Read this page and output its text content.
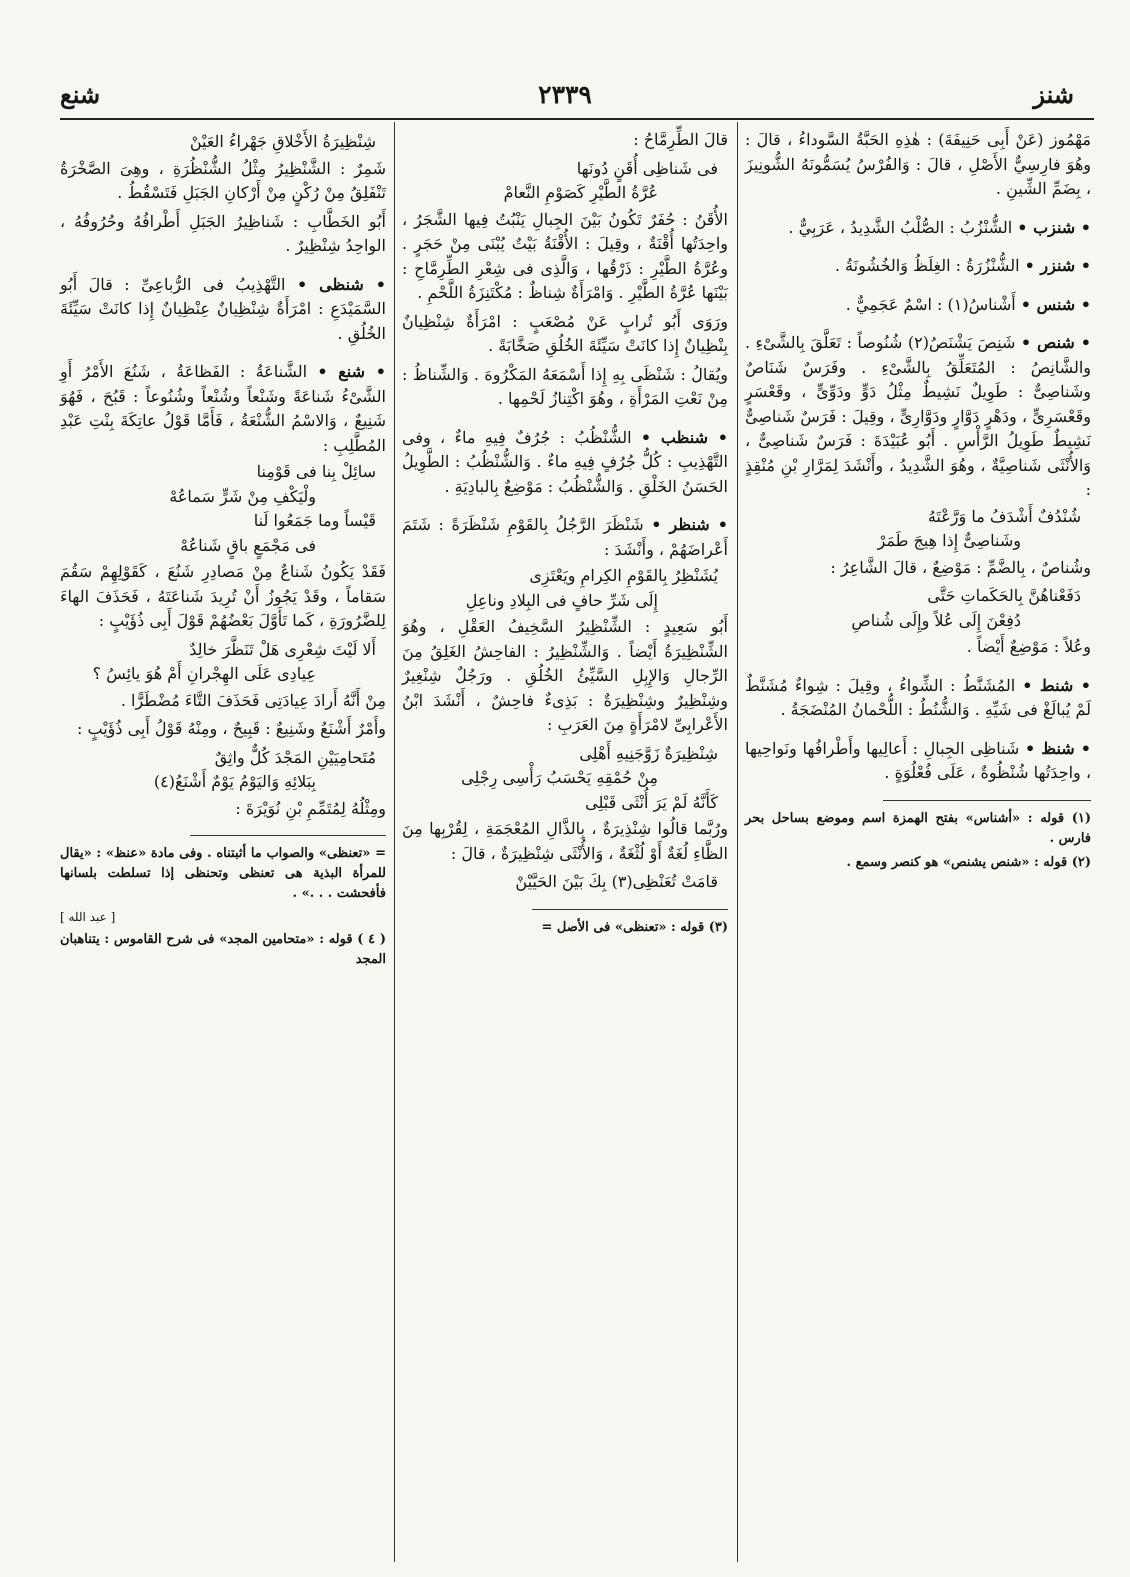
شنز
٢٣٣٩
شنع

مَهْمُوز (عَنْ أَبِى حَنِيفَةَ) : هٰذِهِ الحَبَّةُ السَّوداءُ ، قالَ : وهُوَ فارِسِيٌّ الأَصْلِ ، قالَ : وَالفُرْسُ يُسَمُّونَهُ الشُّونِيزَ ، بِضَمِّ الشِّينِ .

• شنزب • الشُّنْزُبُ : الصُّلْبُ الشَّدِيدُ ، عَرَبِيٌّ .
• شنزر • الشُّنْزُرَةُ : الغِلَظُ وَالخُشُونَةُ .
• شنس • أَشْناسُ(١) : اسْمٌ عَجَمِيٌّ .
• شنص • شَنِصَ يَشْنَصُ(٢) شُنُوصاً : تَعَلَّقَ بِالشَّىْءِ . والشَّانِصُ : المُتَعَلِّقُ بِالشَّىْءِ . وفَرَسٌ شَنَاصٌ وشَناصِىٌّ : طَوِيلٌ نَشِيطٌ مِثْلُ دَوٍّ ودَوِّىٍّ ، وقَعْسَرٍ وقَعْسَرِىٍّ ، ودَهْرٍ دَوَّارٍ ودَوَّارِىٍّ ، وقِيلَ : فَرَسٌ شَناصِىٌّ نَشِيطٌ طَوِيلُ الرَّأْسِ . أَبُو عُبَيْدَةَ : فَرَسٌ شَناصِىٌّ ، وَالأُنْثَى شَناصِيَّةٌ ، وهُوَ الشَّدِيدُ ، وأَنْشَدَ لِمَرَّارِ بْنِ مُنْقِذٍ :
شُنْدُفٌ أَشْدَفُ ما وَرَّعْتَهُ
وشَناصِىٌّ إِذا هِيجَ طَمَرْ

وشُناصٌ ، بِالضَّمِّ : مَوْضِعٌ ، قالَ الشَّاعِرُ :

دَفَعْناهُنَّ بِالحَكَماتِ حَتَّى
دُفِعْنَ إِلَى عُلاً وإِلَى شُناصِ

وعُلاً : مَوْضِعٌ أَيْضاً .

• شنط • المُشَنَّطُ : الشِّواءُ ، وقِيلَ : شِواءٌ مُشَنَّطٌ لَمْ يُبالَغْ فى شَيِّهِ . وَالشُّنُطُ : اللُّحْمانُ المُنْضَجَةُ .
• شنظ • شَناظِى الجِبالِ : أَعالِيها وأَطْرافُها ونَواحِيها ، واحِدَتُها شُنْظُوةٌ ، عَلَى فُعْلُوَةٍ .

(١) قوله : «أشناس» بفتح الهمزة اسم وموضع بساحل بحر فارس .

(٢) قوله : «شنص يشنص» هو كنصر وسمع .

قالَ الطِّرِمَّاحُ :

فى شَناظِى أُقَنٍ دُونَها
عُرَّةُ الطَّيْرِ كَصَوْمِ النَّعامْ

الأُقَنُ : حُفَرٌ تَكُونُ بَيْنَ الجِبالِ يَنْبُتُ فِيها الشَّجَرُ ، واحِدَتُها أُقْنَةٌ ، وقِيلَ : الأُقْنَةُ بَيْتٌ يُبْنَى مِنْ حَجَرٍ . وعُرَّةُ الطَّيْرِ : ذَرْقُها ، وَالَّذِى فى شِعْرِ الطِّرِمَّاحِ : بَيْنَها عُرَّةُ الطَّيْرِ . وَامْرَأَةٌ شِناظٌ : مُكْتَنِزَةُ اللَّحْمِ .

ورَوَى أَبُو تُرابٍ عَنْ مُصْعَبٍ : امْرَأَةٌ شِنْظِيانٌ بِنْظِيانٌ إِذا كانَتْ سَيِّئَةَ الخُلُقِ صَخَّابَةً .

ويُقالُ : شَنْظَى بِهِ إِذا أَسْمَعَهُ المَكْرُوهَ . وَالشِّناظُ : مِنْ نَعْتِ المَرْأَةِ ، وهُوَ اكْتِنازُ لَحْمِها .

• شنظب • الشُّنْظُبُ : جُرُفٌ فِيهِ ماءٌ ، وفى التَّهْذِيبِ : كُلُّ جُرُفٍ فِيهِ ماءٌ . وَالشُّنْظُبُ : الطَّوِيلُ الحَسَنُ الخَلْقِ . وَالشُّنْظُبُ : مَوْضِعٌ بِالبادِيَةِ .
• شنظر • شَنْظَرَ الرَّجُلُ بِالقَوْمِ شَنْظَرَةً : شَتَمَ أَعْراضَهُمْ ، وأَنْشَدَ :
يُشَنْظِرُ بِالقَوْمِ الكِرامِ ويَعْتَزِى
إِلَى شَرِّ حافٍ فى البِلادِ وناعِلِ

أَبُو سَعِيدٍ : الشِّنْظِيرُ السَّخِيفُ العَقْلِ ، وهُوَ الشِّنْظِيرَةُ أَيْضاً . وَالشِّنْظِيرُ : الفاحِشُ الغَلِقُ مِنَ الرِّجالِ وَالإِبِلِ السَّيِّئُ الخُلُقِ . ورَجُلٌ شِنْغِيرٌ وشِنْظِيرٌ وشِنْظِيرَةٌ : بَذِىءٌ فاحِشٌ ، أَنْشَدَ ابْنُ الأَعْرابِىِّ لامْرَأَةٍ مِنَ العَرَبِ :

شِنْظِيرَةٌ زَوَّجَنِيهِ أَهْلِى
مِنْ حُمْقِهِ يَحْسَبُ رَأْسِى رِجْلِى
كَأَنَّهُ لَمْ يَرَ أُنْثَى قَبْلِى

ورُبَّما قالُوا شِنْذِيرَةٌ ، بِالذَّالِ المُعْجَمَةِ ، لِقُرْبِها مِنَ الظَّاءِ لُغَةٌ أَوْ لُثْغَةٌ ، وَالأُنْثَى شِنْظِيرَةٌ ، قالَ :

قامَتْ تُعَنْظِى(٣) بِكَ بَيْنَ الحَيَّيْنْ

(٣) قوله : «تعنظى» فى الأصل =

شِنْظِيرَةُ الأَخْلاقِ جَهْراءُ العَيْنْ

شَمِرٌ : الشَّنْظِيرُ مِثْلُ الشُّنْظُرَةِ ، وهِىَ الصَّخْرَةُ تَنْفَلِقُ مِنْ رُكْنٍ مِنْ أَرْكانِ الجَبَلِ فَتَسْقُطُ .

أَبُو الخَطَّابِ : شَناظِيرُ الجَبَلِ أَطْرافُهُ وحُرُوفُهُ ، الواحِدُ شِنْظِيرٌ .

• شنظى • التَّهْذِيبُ فى الرُّباعِىِّ : قالَ أَبُو السَّمَيْدَعِ : امْرَأَةٌ شِنْظِيانٌ عِنْظِيانٌ إِذا كانَتْ سَيِّئَةَ الخُلُقِ .
• شنع • الشَّناعَةُ : الفَظاعَةُ ، شَنُعَ الأَمْرُ أَوِ الشَّىْءُ شَناعَةً وشَنْعاً وشُنْعاً وشُنُوعاً : قَبُحَ ، فَهُوَ شَنِيعٌ ، وَالاسْمُ الشُّنْعَةُ ، فَأَمَّا قَوْلُ عاتِكَةَ بِنْتِ عَبْدِ المُطَّلِبِ :
سائِلْ بِنا فى قَوْمِنا
ولْيَكْفِ مِنْ شَرٍّ سَماعُهْ
قَيْساً وما جَمَعُوا لَنا
فى مَجْمَعٍ باقٍ شَناعُهْ

فَقَدْ يَكُونُ شَناعٌ مِنْ مَصادِرِ شَنُعَ ، كَقَوْلِهِمْ سَقُمَ سَقاماً ، وقَدْ يَجُوزُ أَنْ تُرِيدَ شَناعَتَهُ ، فَحَذَفَ الهاءَ لِلضَّرُورَةِ ، كَما تَأَوَّلَ بَعْضُهُمْ قَوْلَ أَبِى ذُؤَيْبٍ :

أَلا لَيْتَ شِعْرِى هَلْ تَنَظَّرَ خالِدٌ
عِيادِى عَلَى الهِجْرانِ أَمْ هُوَ يائِسُ ؟

مِنْ أَنَّهُ أَرادَ عِيادَتِى فَحَذَفَ التَّاءَ مُضْطَرًّا .

وأَمْرٌ أَشْنَعُ وشَنِيعٌ : قَبِيحٌ ، ومِنْهُ قَوْلُ أَبِى ذُؤَيْبٍ :

مُتَحامِيَيْنِ المَجْدَ كُلٌّ واثِقٌ
بِبَلائِهِ وَاليَوْمُ يَوْمٌ أَشْنَعُ(٤)

ومِثْلُهُ لِمُتَمِّمِ بْنِ نُوَيْرَةَ :

= «تعنظى» والصواب ما أثبتناه . وفى مادة «عنظ» : «يقال للمرأة البذية هى تعنظى وتحنظى إذا تسلطت بلسانها فأفحشت . . .» .

[ عبد الله ]

( ٤ ) قوله : «متحامين المجد» فى شرح القاموس : يتناهبان المجد
